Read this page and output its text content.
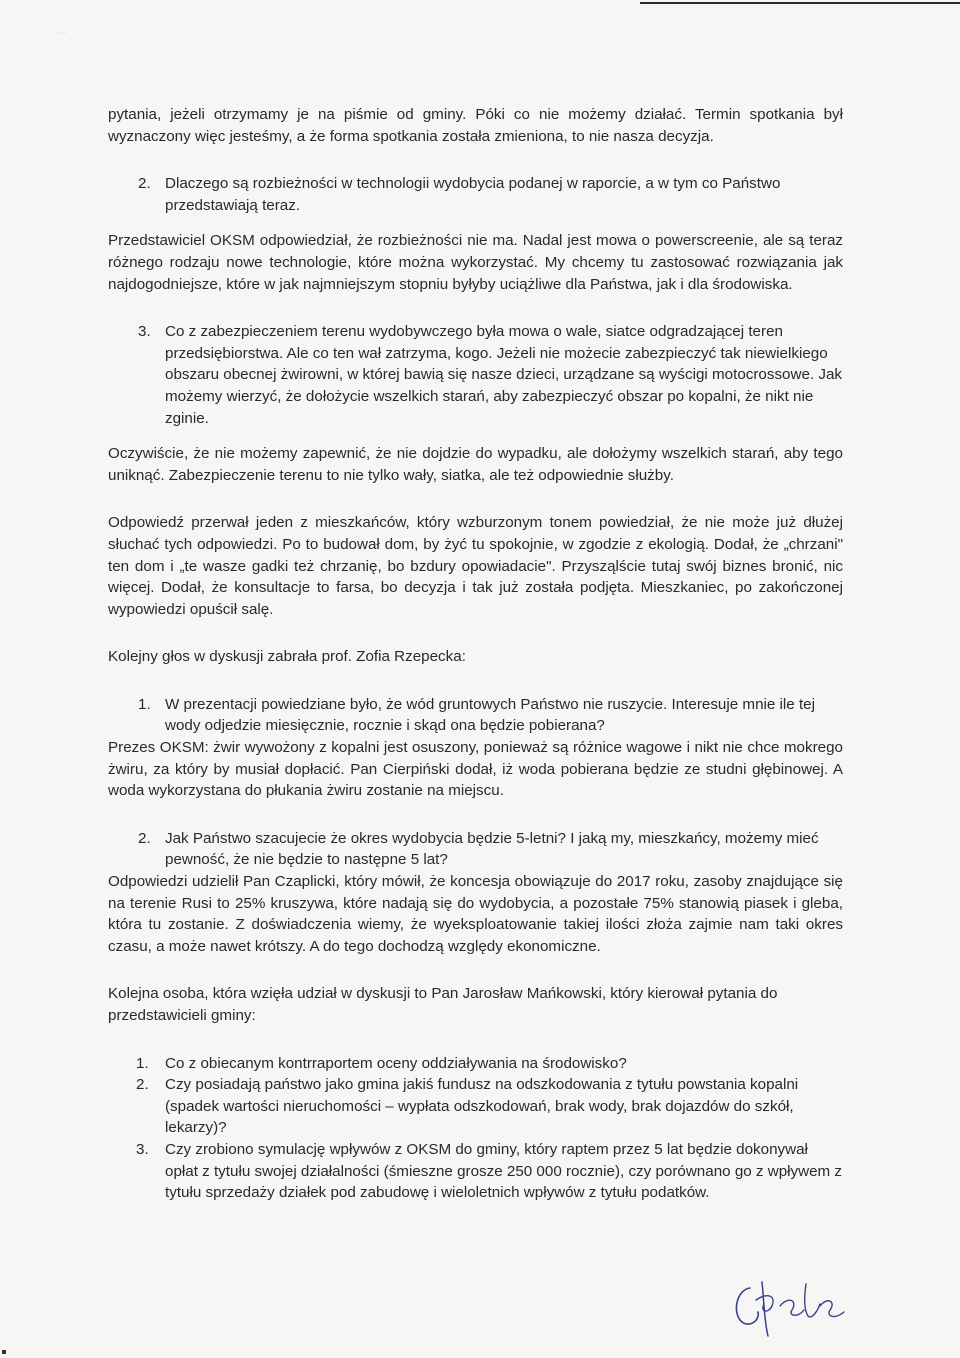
· ·

pytania, jeżeli otrzymamy je na piśmie od gminy. Póki co nie możemy działać. Termin spotkania był wyznaczony więc jesteśmy, a że forma spotkania została zmieniona, to nie nasza decyzja.

2. Dlaczego są rozbieżności w technologii wydobycia podanej w raporcie, a w tym co Państwo przedstawiają teraz.

Przedstawiciel OKSM odpowiedział, że rozbieżności nie ma. Nadal jest mowa o powerscreenie, ale są teraz różnego rodzaju nowe technologie, które można wykorzystać. My chcemy tu zastosować rozwiązania jak najdogodniejsze, które w jak najmniejszym stopniu byłyby uciążliwe dla Państwa, jak i dla środowiska.

3. Co z zabezpieczeniem terenu wydobywczego była mowa o wale, siatce odgradzającej teren przedsiębiorstwa. Ale co ten wał zatrzyma, kogo. Jeżeli nie możecie zabezpieczyć tak niewielkiego obszaru obecnej żwirowni, w której bawią się nasze dzieci, urządzane są wyścigi motocrossowe. Jak możemy wierzyć, że dołożycie wszelkich starań, aby zabezpieczyć obszar po kopalni, że nikt nie zginie.

Oczywiście, że nie możemy zapewnić, że nie dojdzie do wypadku, ale dołożymy wszelkich starań, aby tego uniknąć. Zabezpieczenie terenu to nie tylko wały, siatka, ale też odpowiednie służby.

Odpowiedź przerwał jeden z mieszkańców, który wzburzonym tonem powiedział, że nie może już dłużej słuchać tych odpowiedzi. Po to budował dom, by żyć tu spokojnie, w zgodzie z ekologią. Dodał, że „chrzani" ten dom i „te wasze gadki też chrzanię, bo bzdury opowiadacie". Przysząlście tutaj swój biznes bronić, nic więcej. Dodał, że konsultacje to farsa, bo decyzja i tak już została podjęta. Mieszkaniec, po zakończonej wypowiedzi opuścił salę.

Kolejny głos w dyskusji zabrała prof. Zofia Rzepecka:

1. W prezentacji powiedziane było, że wód gruntowych Państwo nie ruszycie. Interesuje mnie ile tej wody odjedzie miesięcznie, rocznie i skąd ona będzie pobierana?

Prezes OKSM: żwir wywożony z kopalni jest osuszony, ponieważ są różnice wagowe i nikt nie chce mokrego żwiru, za który by musiał dopłacić. Pan Cierpiński dodał, iż woda pobierana będzie ze studni głębinowej. A woda wykorzystana do płukania żwiru zostanie na miejscu.

2. Jak Państwo szacujecie że okres wydobycia będzie 5-letni? I jaką my, mieszkańcy, możemy mieć pewność, że nie będzie to następne 5 lat?

Odpowiedzi udzielił Pan Czaplicki, który mówił, że koncesja obowiązuje do 2017 roku, zasoby znajdujące się na terenie Rusi to 25% kruszywa, które nadają się do wydobycia, a pozostałe 75% stanowią piasek i gleba, która tu zostanie. Z doświadczenia wiemy, że wyeksploatowanie takiej ilości złoża zajmie nam taki okres czasu, a może nawet krótszy. A do tego dochodzą względy ekonomiczne.

Kolejna osoba, która wzięła udział w dyskusji to Pan Jarosław Mańkowski, który kierował pytania do przedstawicieli gminy:

1. Co z obiecanym kontrraportem oceny oddziaływania na środowisko?
2. Czy posiadają państwo jako gmina jakiś fundusz na odszkodowania z tytułu powstania kopalni (spadek wartości nieruchomości – wypłata odszkodowań, brak wody, brak dojazdów do szkół, lekarzy)?
3. Czy zrobiono symulację wpływów z OKSM do gminy, który raptem przez 5 lat będzie dokonywał opłat z tytułu swojej działalności (śmieszne grosze 250 000 rocznie), czy porównano go z wpływem z tytułu sprzedaży działek pod zabudowę i wieloletnich wpływów z tytułu podatków.
